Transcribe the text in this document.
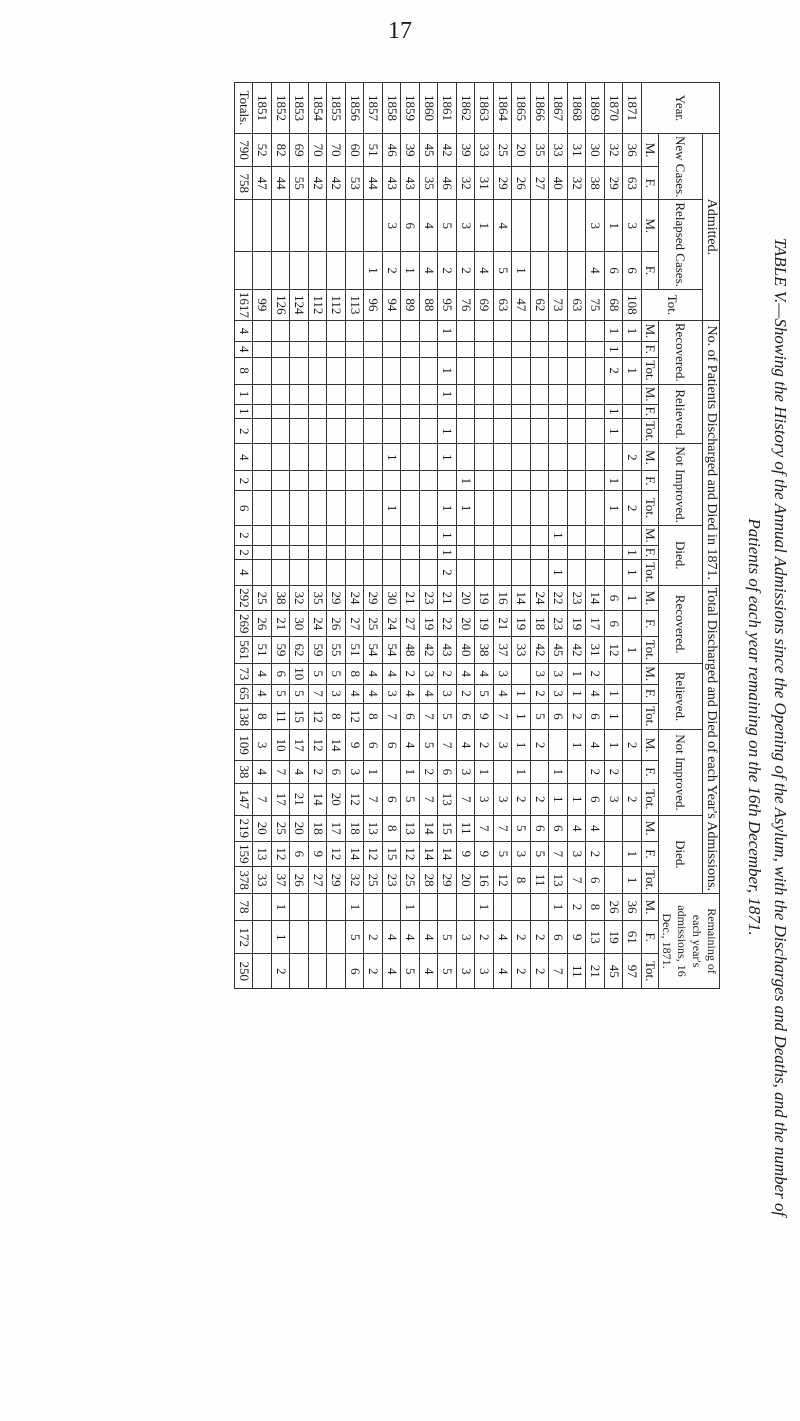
17
TABLE V.—Showing the History of the Annual Admissions since the Opening of the Asylum, with the Discharges and Deaths, and the number of
Patients of each year remaining on the 16th December, 1871.
Year.	Admitted.					No. of Patients Discharged and Died in 1871.												Total Discharged and Died of each Year's Admissions.												Remaining of each year's admissions, 16 Dec., 1871.		
	New Cases.		Relapsed Cases.		Tot.	Recovered.			Relieved.			Not Improved.			Died.			Recovered.			Relieved.			Not Improved.			Died.					
	M.	F.	M.	F.		M.	F.	Tot.	M.	F.	Tot.	M.	F.	Tot.	M.	F.	Tot.	M.	F.	Tot.	M.	F.	Tot.	M.	F.	Tot.	M.	F.	Tot.	M.	F.	Tot.
1871	36	63	3	6	108	1		1				2		2		1	1	1		1				2		2		1	1	36	61	97
1870	32	29	1	6	68	1	1	2		1	1		1	1				6	6	12		1	1	1	2	3				26	19	45
1869	30	38	3	4	75													14	17	31	2	4	6	4	2	6	4	2	6	8	13	21
1868	31	32			63													23	19	42	1	1	2	1		1	4	3	7	2	9	11
1867	33	40			73										1		1	22	23	45	3	3	6		1	1	6	7	13	1	6	7
1866	35	27			62													24	18	42	3	2	5	2		2	6	5	11		2	2
1865	20	26		1	47													14	19	33		1	1	1	1	2	5	3	8		2	2
1864	25	29	4	5	63													16	21	37	3	4	7	3		3	7	5	12		4	4
1863	33	31	1	4	69													19	19	38	4	5	9	2	1	3	7	9	16	1	2	3
1862	39	32	3	2	76								1	1				20	20	40	4	2	6	4	3	7	11	9	20		3	3
1861	42	46	5	2	95	1		1	1		1	1		1	1	1	2	21	22	43	2	3	5	7	6	13	15	14	29		5	5
1860	45	35	4	4	88													23	19	42	3	4	7	5	2	7	14	14	28		4	4
1859	39	43	6	1	89													21	27	48	2	4	6	4	1	5	13	12	25	1	4	5
1858	46	43	3	2	94							1		1				30	24	54	4	3	7	6		6	8	15	23		4	4
1857	51	44		1	96													29	25	54	4	4	8	6	1	7	13	12	25		2	2
1856	60	53			113													24	27	51	8	4	12	9	3	12	18	14	32	1	5	6
1855	70	42			112													29	26	55	5	3	8	14	6	20	17	12	29			
1854	70	42			112													35	24	59	5	7	12	12	2	14	18	9	27			
1853	69	55			124													32	30	62	10	5	15	17	4	21	20	6	26			
1852	82	44			126													38	21	59	6	5	11	10	7	17	25	12	37	1	1	2
1851	52	47			99													25	26	51	4	4	8	3	4	7	20	13	33			
Totals.	790	758			1617	4	4	8	1	1	2	4	2	6	2	2	4	292	269	561	73	65	138	109	38	147	219	159	378	78	172	250
